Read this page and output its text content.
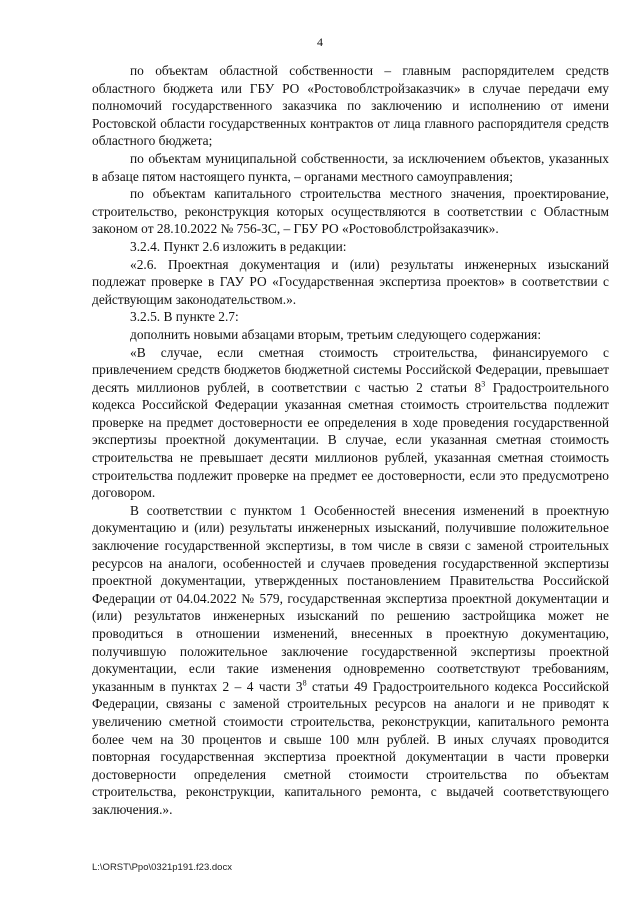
4

по объектам областной собственности – главным распорядителем средств областного бюджета или ГБУ РО «Ростовоблстройзаказчик» в случае передачи ему полномочий государственного заказчика по заключению и исполнению от имени Ростовской области государственных контрактов от лица главного распорядителя средств областного бюджета;

по объектам муниципальной собственности, за исключением объектов, указанных в абзаце пятом настоящего пункта, – органами местного самоуправления;

по объектам капитального строительства местного значения, проектирование, строительство, реконструкция которых осуществляются в соответствии с Областным законом от 28.10.2022 № 756-ЗС, – ГБУ РО «Ростовоблстройзаказчик».

3.2.4. Пункт 2.6 изложить в редакции:

«2.6. Проектная документация и (или) результаты инженерных изысканий подлежат проверке в ГАУ РО «Государственная экспертиза проектов» в соответствии с действующим законодательством.».

3.2.5. В пункте 2.7:

дополнить новыми абзацами вторым, третьим следующего содержания:

«В случае, если сметная стоимость строительства, финансируемого с привлечением средств бюджетов бюджетной системы Российской Федерации, превышает десять миллионов рублей, в соответствии с частью 2 статьи $8^3$ Градостроительного кодекса Российской Федерации указанная сметная стоимость строительства подлежит проверке на предмет достоверности ее определения в ходе проведения государственной экспертизы проектной документации. В случае, если указанная сметная стоимость строительства не превышает десяти миллионов рублей, указанная сметная стоимость строительства подлежит проверке на предмет ее достоверности, если это предусмотрено договором.

В соответствии с пунктом 1 Особенностей внесения изменений в проектную документацию и (или) результаты инженерных изысканий, получившие положительное заключение государственной экспертизы, в том числе в связи с заменой строительных ресурсов на аналоги, особенностей и случаев проведения государственной экспертизы проектной документации, утвержденных постановлением Правительства Российской Федерации от 04.04.2022 № 579, государственная экспертиза проектной документации и (или) результатов инженерных изысканий по решению застройщика может не проводиться в отношении изменений, внесенных в проектную документацию, получившую положительное заключение государственной экспертизы проектной документации, если такие изменения одновременно соответствуют требованиям, указанным в пунктах 2 – 4 части $3^8$ статьи 49 Градостроительного кодекса Российской Федерации, связаны с заменой строительных ресурсов на аналоги и не приводят к увеличению сметной стоимости строительства, реконструкции, капитального ремонта более чем на 30 процентов и свыше 100 млн рублей. В иных случаях проводится повторная государственная экспертиза проектной документации в части проверки достоверности определения сметной стоимости строительства по объектам строительства, реконструкции, капитального ремонта, с выдачей соответствующего заключения.».

L:\ORST\Ppo\0321p191.f23.docx
